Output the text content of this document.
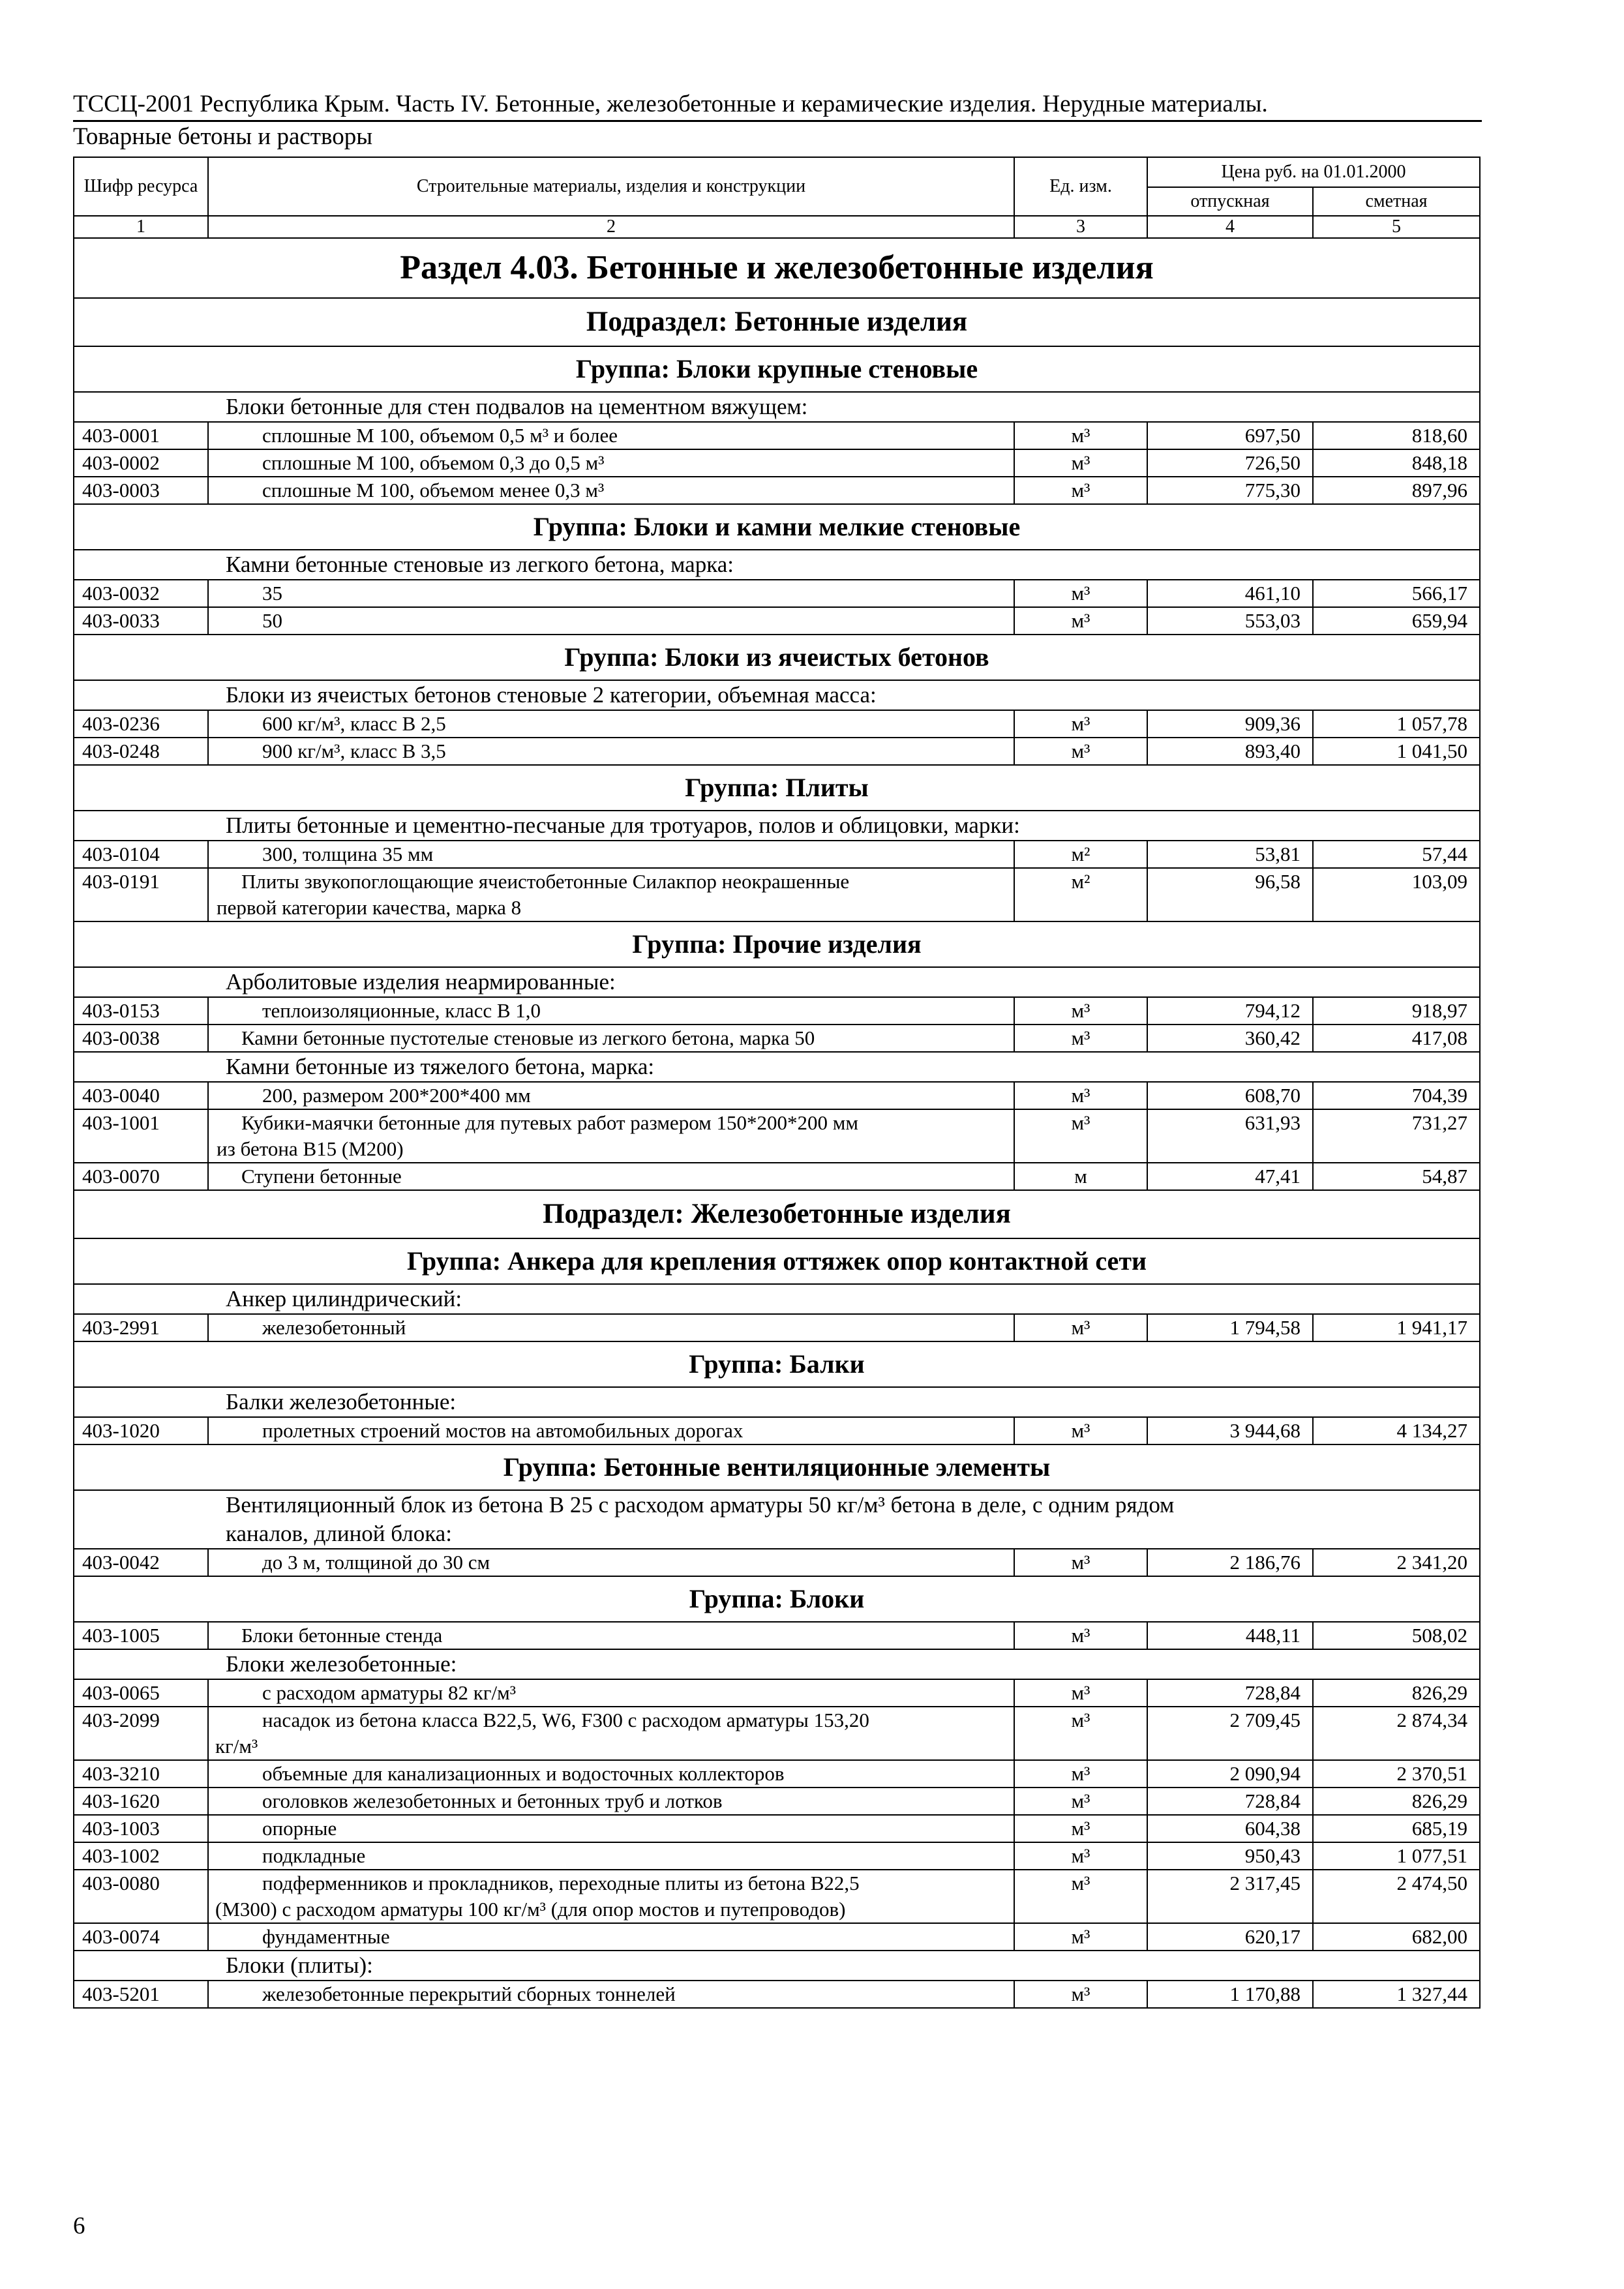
ТССЦ-2001 Республика Крым. Часть IV. Бетонные, железобетонные и керамические изделия. Нерудные материалы.
Товарные бетоны и растворы
Шифр ресурса	Строительные материалы, изделия и конструкции	Ед. изм.	Цена руб. на 01.01.2000	
			отпускная	сметная
1	2	3	4	5
Раздел 4.03. Бетонные и железобетонные изделия				
Подраздел: Бетонные изделия				
Группа: Блоки крупные стеновые				

Блоки бетонные для стен подвалов на цементном вяжущем:				

403-0001	сплошные М 100, объемом 0,5 м³ и более	м³	697,50	818,60
403-0002	сплошные М 100, объемом 0,3 до 0,5 м³	м³	726,50	848,18
403-0003	сплошные М 100, объемом менее 0,3 м³	м³	775,30	897,96
Группа: Блоки и камни мелкие стеновые				

Камни бетонные стеновые из легкого бетона, марка:				

403-0032	35	м³	461,10	566,17
403-0033	50	м³	553,03	659,94
Группа: Блоки из ячеистых бетонов				

Блоки из ячеистых бетонов стеновые 2 категории, объемная масса:				

403-0236	600 кг/м³, класс В 2,5	м³	909,36	1 057,78
403-0248	900 кг/м³, класс В 3,5	м³	893,40	1 041,50
Группа: Плиты				

Плиты бетонные и цементно-песчаные для тротуаров, полов и облицовки, марки:				

403-0104	300, толщина 35 мм	м²	53,81	57,44
403-0191	Плиты звукопоглощающие ячеистобетонные Силакпор неокрашенные
первой категории качества, марка 8	м²	96,58	103,09
Группа: Прочие изделия				

Арболитовые изделия неармированные:				

403-0153	теплоизоляционные, класс В 1,0	м³	794,12	918,97
403-0038	Камни бетонные пустотелые стеновые из легкого бетона, марка 50	м³	360,42	417,08

Камни бетонные из тяжелого бетона, марка:				

403-0040	200, размером 200*200*400 мм	м³	608,70	704,39
403-1001	Кубики-маячки бетонные для путевых работ размером 150*200*200 мм
из бетона В15 (М200)	м³	631,93	731,27
403-0070	Ступени бетонные	м	47,41	54,87
Подраздел: Железобетонные изделия				
Группа: Анкера для крепления оттяжек опор контактной сети				

Анкер цилиндрический:				

403-2991	железобетонный	м³	1 794,58	1 941,17
Группа: Балки				

Балки железобетонные:				

403-1020	пролетных строений мостов на автомобильных дорогах	м³	3 944,68	4 134,27
Группа: Бетонные вентиляционные элементы				

Вентиляционный блок из бетона В 25 с расходом арматуры 50 кг/м³ бетона в деле, с одним рядом
каналов, длиной блока:				

403-0042	до 3 м, толщиной до 30 см	м³	2 186,76	2 341,20
Группа: Блоки				
403-1005	Блоки бетонные стенда	м³	448,11	508,02

Блоки железобетонные:				

403-0065	с расходом арматуры 82 кг/м³	м³	728,84	826,29
403-2099	насадок из бетона класса В22,5, W6, F300 с расходом арматуры 153,20
кг/м³	м³	2 709,45	2 874,34
403-3210	объемные для канализационных и водосточных коллекторов	м³	2 090,94	2 370,51
403-1620	оголовков железобетонных и бетонных труб и лотков	м³	728,84	826,29
403-1003	опорные	м³	604,38	685,19
403-1002	подкладные	м³	950,43	1 077,51
403-0080	подферменников и прокладников, переходные плиты из бетона В22,5
(М300) с расходом арматуры 100 кг/м³ (для опор мостов и путепроводов)	м³	2 317,45	2 474,50
403-0074	фундаментные	м³	620,17	682,00

Блоки (плиты):				

403-5201	железобетонные перекрытий сборных тоннелей	м³	1 170,88	1 327,44
6
